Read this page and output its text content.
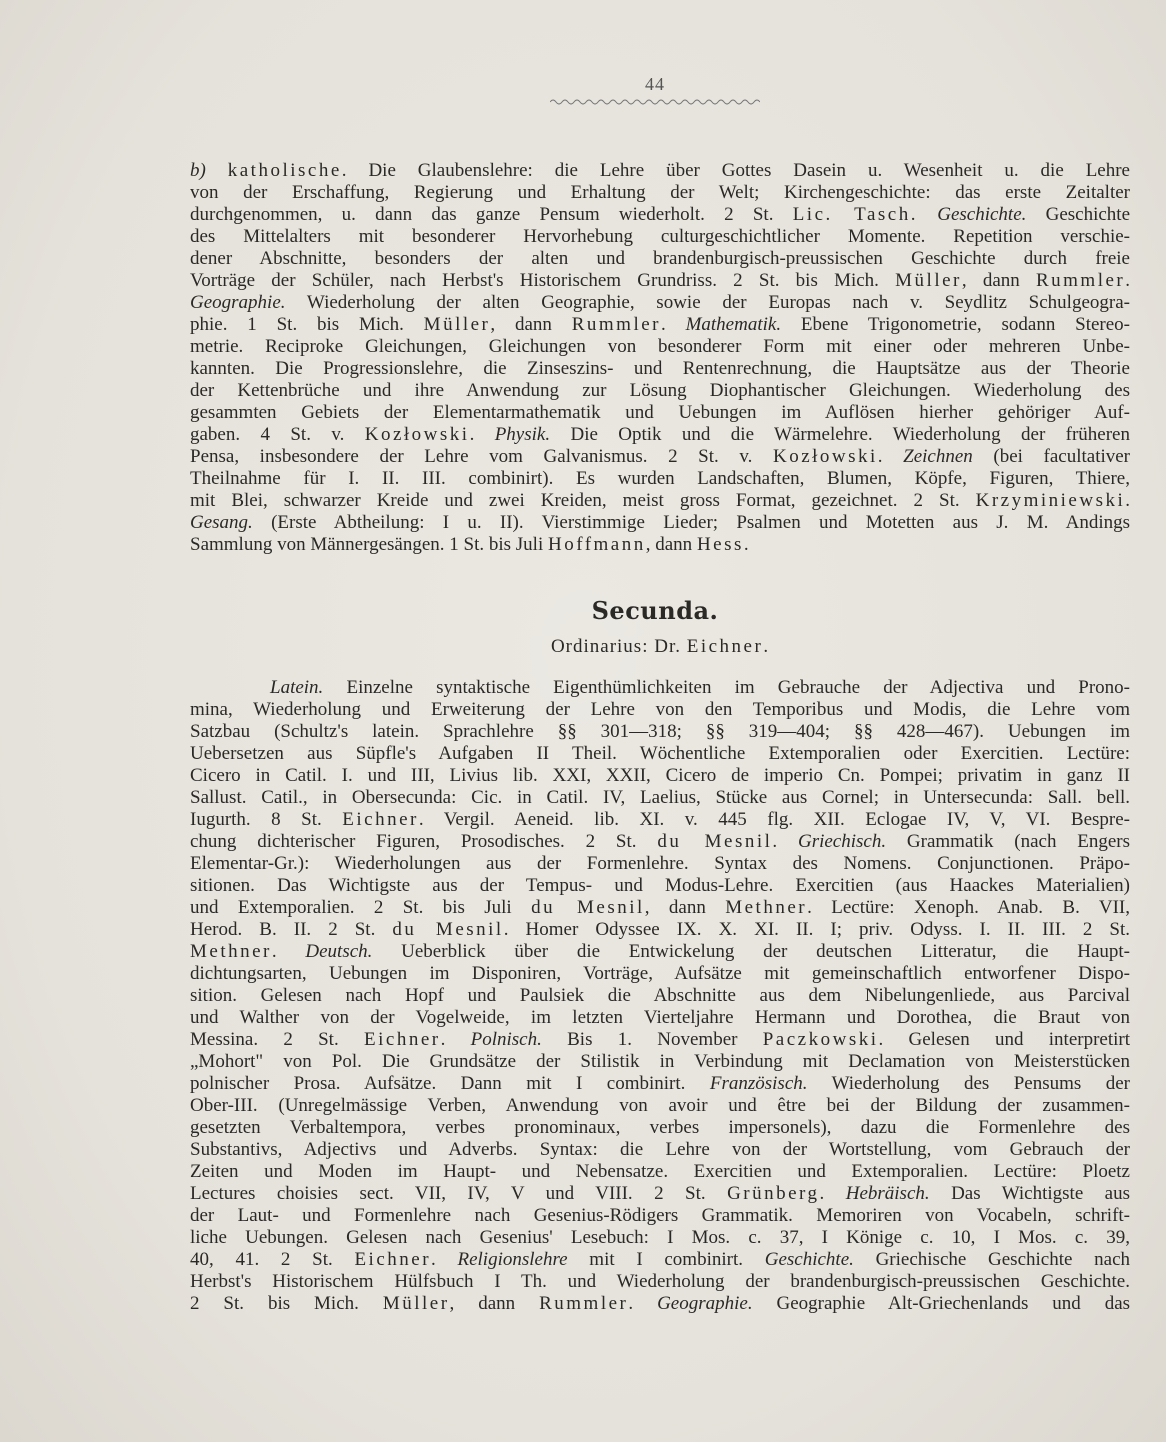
44
b) katholische. Die Glaubenslehre: die Lehre über Gottes Dasein u. Wesenheit u. die Lehre
von der Erschaffung, Regierung und Erhaltung der Welt; Kirchengeschichte: das erste Zeitalter
durchgenommen, u. dann das ganze Pensum wiederholt. 2 St. Lic. Tasch. Geschichte. Geschichte
des Mittelalters mit besonderer Hervorhebung culturgeschichtlicher Momente. Repetition verschie-
dener Abschnitte, besonders der alten und brandenburgisch-preussischen Geschichte durch freie
Vorträge der Schüler, nach Herbst's Historischem Grundriss. 2 St. bis Mich. Müller, dann Rummler.
Geographie. Wiederholung der alten Geographie, sowie der Europas nach v. Seydlitz Schulgeogra-
phie. 1 St. bis Mich. Müller, dann Rummler. Mathematik. Ebene Trigonometrie, sodann Stereo-
metrie. Reciproke Gleichungen, Gleichungen von besonderer Form mit einer oder mehreren Unbe-
kannten. Die Progressionslehre, die Zinseszins- und Rentenrechnung, die Hauptsätze aus der Theorie
der Kettenbrüche und ihre Anwendung zur Lösung Diophantischer Gleichungen. Wiederholung des
gesammten Gebiets der Elementarmathematik und Uebungen im Auflösen hierher gehöriger Auf-
gaben. 4 St. v. Kozłowski. Physik. Die Optik und die Wärmelehre. Wiederholung der früheren
Pensa, insbesondere der Lehre vom Galvanismus. 2 St. v. Kozłowski. Zeichnen (bei facultativer
Theilnahme für I. II. III. combinirt). Es wurden Landschaften, Blumen, Köpfe, Figuren, Thiere,
mit Blei, schwarzer Kreide und zwei Kreiden, meist gross Format, gezeichnet. 2 St. Krzyminiewski.
Gesang. (Erste Abtheilung: I u. II). Vierstimmige Lieder; Psalmen und Motetten aus J. M. Andings
Sammlung von Männergesängen. 1 St. bis Juli Hoffmann, dann Hess.
Secunda.
Ordinarius: Dr. Eichner.
Latein. Einzelne syntaktische Eigenthümlichkeiten im Gebrauche der Adjectiva und Prono-
mina, Wiederholung und Erweiterung der Lehre von den Temporibus und Modis, die Lehre vom
Satzbau (Schultz's latein. Sprachlehre §§ 301—318; §§ 319—404; §§ 428—467). Uebungen im
Uebersetzen aus Süpfle's Aufgaben II Theil. Wöchentliche Extemporalien oder Exercitien. Lectüre:
Cicero in Catil. I. und III, Livius lib. XXI, XXII, Cicero de imperio Cn. Pompei; privatim in ganz II
Sallust. Catil., in Obersecunda: Cic. in Catil. IV, Laelius, Stücke aus Cornel; in Untersecunda: Sall. bell.
Iugurth. 8 St. Eichner. Vergil. Aeneid. lib. XI. v. 445 flg. XII. Eclogae IV, V, VI. Bespre-
chung dichterischer Figuren, Prosodisches. 2 St. du Mesnil. Griechisch. Grammatik (nach Engers
Elementar-Gr.): Wiederholungen aus der Formenlehre. Syntax des Nomens. Conjunctionen. Präpo-
sitionen. Das Wichtigste aus der Tempus- und Modus-Lehre. Exercitien (aus Haackes Materialien)
und Extemporalien. 2 St. bis Juli du Mesnil, dann Methner. Lectüre: Xenoph. Anab. B. VII,
Herod. B. II. 2 St. du Mesnil. Homer Odyssee IX. X. XI. II. I; priv. Odyss. I. II. III. 2 St.
Methner. Deutsch. Ueberblick über die Entwickelung der deutschen Litteratur, die Haupt-
dichtungsarten, Uebungen im Disponiren, Vorträge, Aufsätze mit gemeinschaftlich entworfener Dispo-
sition. Gelesen nach Hopf und Paulsiek die Abschnitte aus dem Nibelungenliede, aus Parcival
und Walther von der Vogelweide, im letzten Vierteljahre Hermann und Dorothea, die Braut von
Messina. 2 St. Eichner. Polnisch. Bis 1. November Paczkowski. Gelesen und interpretirt
„Mohort" von Pol. Die Grundsätze der Stilistik in Verbindung mit Declamation von Meisterstücken
polnischer Prosa. Aufsätze. Dann mit I combinirt. Französisch. Wiederholung des Pensums der
Ober-III. (Unregelmässige Verben, Anwendung von avoir und être bei der Bildung der zusammen-
gesetzten Verbaltempora, verbes pronominaux, verbes impersonels), dazu die Formenlehre des
Substantivs, Adjectivs und Adverbs. Syntax: die Lehre von der Wortstellung, vom Gebrauch der
Zeiten und Moden im Haupt- und Nebensatze. Exercitien und Extemporalien. Lectüre: Ploetz
Lectures choisies sect. VII, IV, V und VIII. 2 St. Grünberg. Hebräisch. Das Wichtigste aus
der Laut- und Formenlehre nach Gesenius-Rödigers Grammatik. Memoriren von Vocabeln, schrift-
liche Uebungen. Gelesen nach Gesenius' Lesebuch: I Mos. c. 37, I Könige c. 10, I Mos. c. 39,
40, 41. 2 St. Eichner. Religionslehre mit I combinirt. Geschichte. Griechische Geschichte nach
Herbst's Historischem Hülfsbuch I Th. und Wiederholung der brandenburgisch-preussischen Geschichte.
2 St. bis Mich. Müller, dann Rummler. Geographie. Geographie Alt-Griechenlands und das
